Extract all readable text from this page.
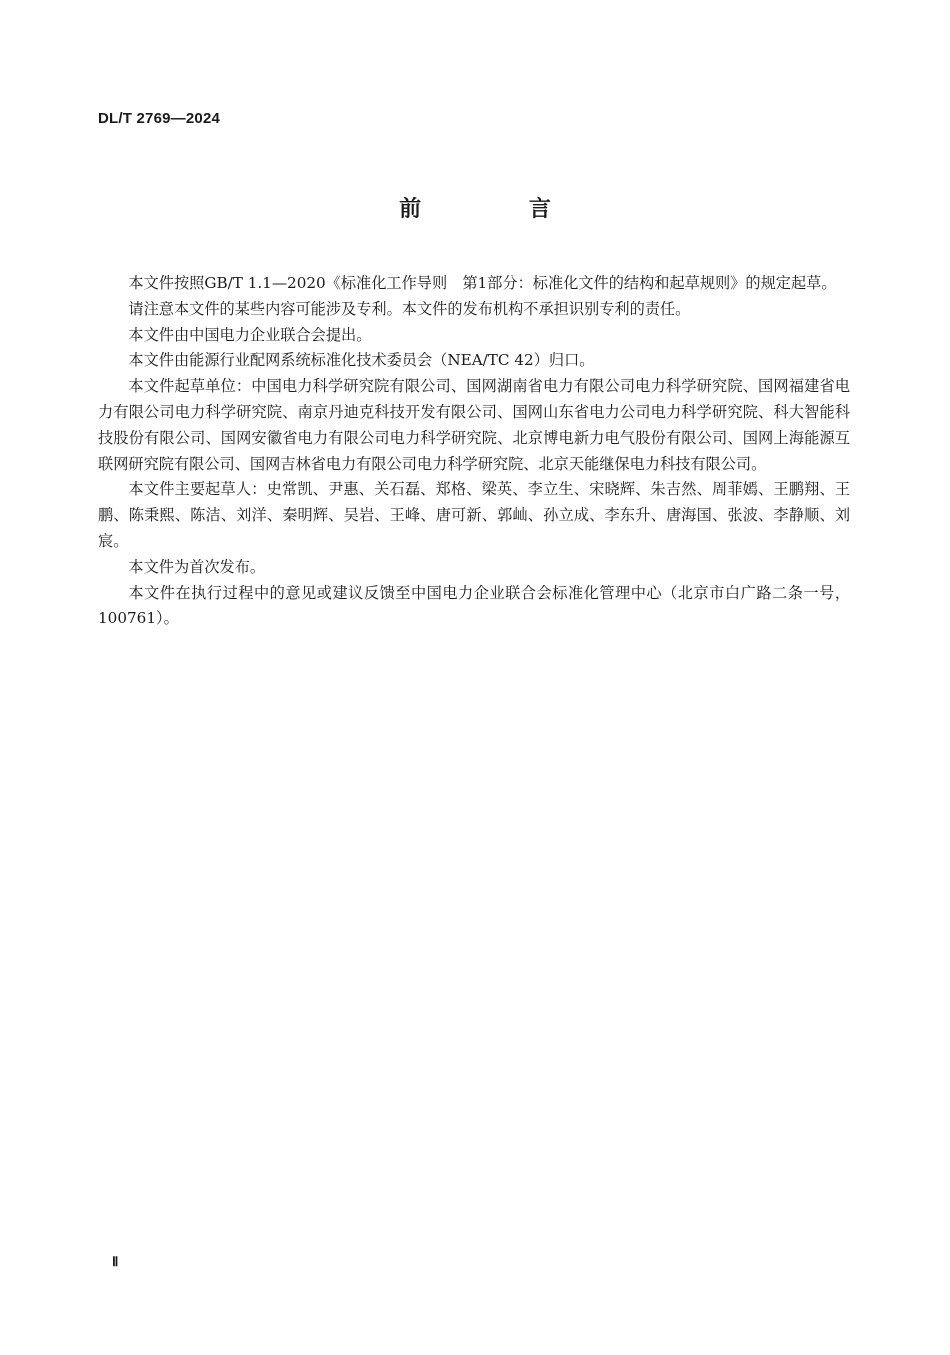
DL/T 2769—2024
前 言

本文件按照GB/T 1.1—2020《标准化工作导则　第1部分：标准化文件的结构和起草规则》的规定起草。

请注意本文件的某些内容可能涉及专利。本文件的发布机构不承担识别专利的责任。

本文件由中国电力企业联合会提出。

本文件由能源行业配网系统标准化技术委员会（NEA/TC 42）归口。

本文件起草单位：中国电力科学研究院有限公司、国网湖南省电力有限公司电力科学研究院、国网福建省电力有限公司电力科学研究院、南京丹迪克科技开发有限公司、国网山东省电力公司电力科学研究院、科大智能科技股份有限公司、国网安徽省电力有限公司电力科学研究院、北京博电新力电气股份有限公司、国网上海能源互联网研究院有限公司、国网吉林省电力有限公司电力科学研究院、北京天能继保电力科技有限公司。

本文件主要起草人：史常凯、尹惠、关石磊、郑格、梁英、李立生、宋晓辉、朱吉然、周菲嫣、王鹏翔、王鹏、陈秉熙、陈洁、刘洋、秦明辉、吴岩、王峰、唐可新、郭屾、孙立成、李东升、唐海国、张波、李静顺、刘宸。

本文件为首次发布。

本文件在执行过程中的意见或建议反馈至中国电力企业联合会标准化管理中心（北京市白广路二条一号，100761）。

Ⅱ
